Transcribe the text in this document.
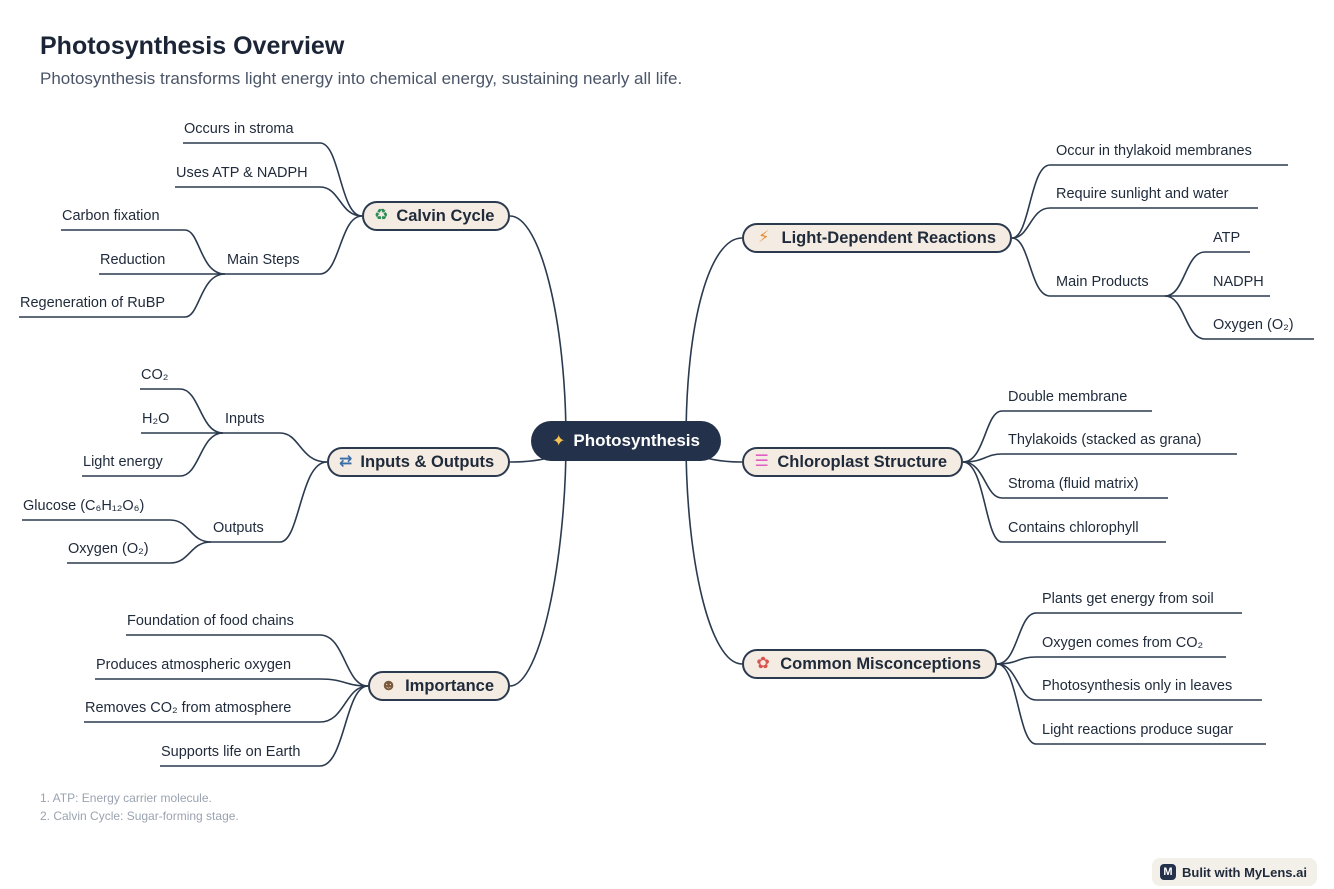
Photosynthesis Overview
Photosynthesis transforms light energy into chemical energy, sustaining nearly all life.
✦ Photosynthesis
♻ Calvin Cycle
Occurs in stroma
Uses ATP & NADPH
Main Steps
Carbon fixation
Reduction
Regeneration of RuBP
⇄ Inputs & Outputs
Inputs
CO₂
H₂O
Light energy
Outputs
Glucose (C₆H₁₂O₆)
Oxygen (O₂)
☻ Importance
Foundation of food chains
Produces atmospheric oxygen
Removes CO₂ from atmosphere
Supports life on Earth
⚡ Light-Dependent Reactions
Occur in thylakoid membranes
Require sunlight and water
Main Products
ATP
NADPH
Oxygen (O₂)
☰ Chloroplast Structure
Double membrane
Thylakoids (stacked as grana)
Stroma (fluid matrix)
Contains chlorophyll
✿ Common Misconceptions
Plants get energy from soil
Oxygen comes from CO₂
Photosynthesis only in leaves
Light reactions produce sugar
1. ATP: Energy carrier molecule.
2. Calvin Cycle: Sugar-forming stage.
M Bulit with MyLens.ai
